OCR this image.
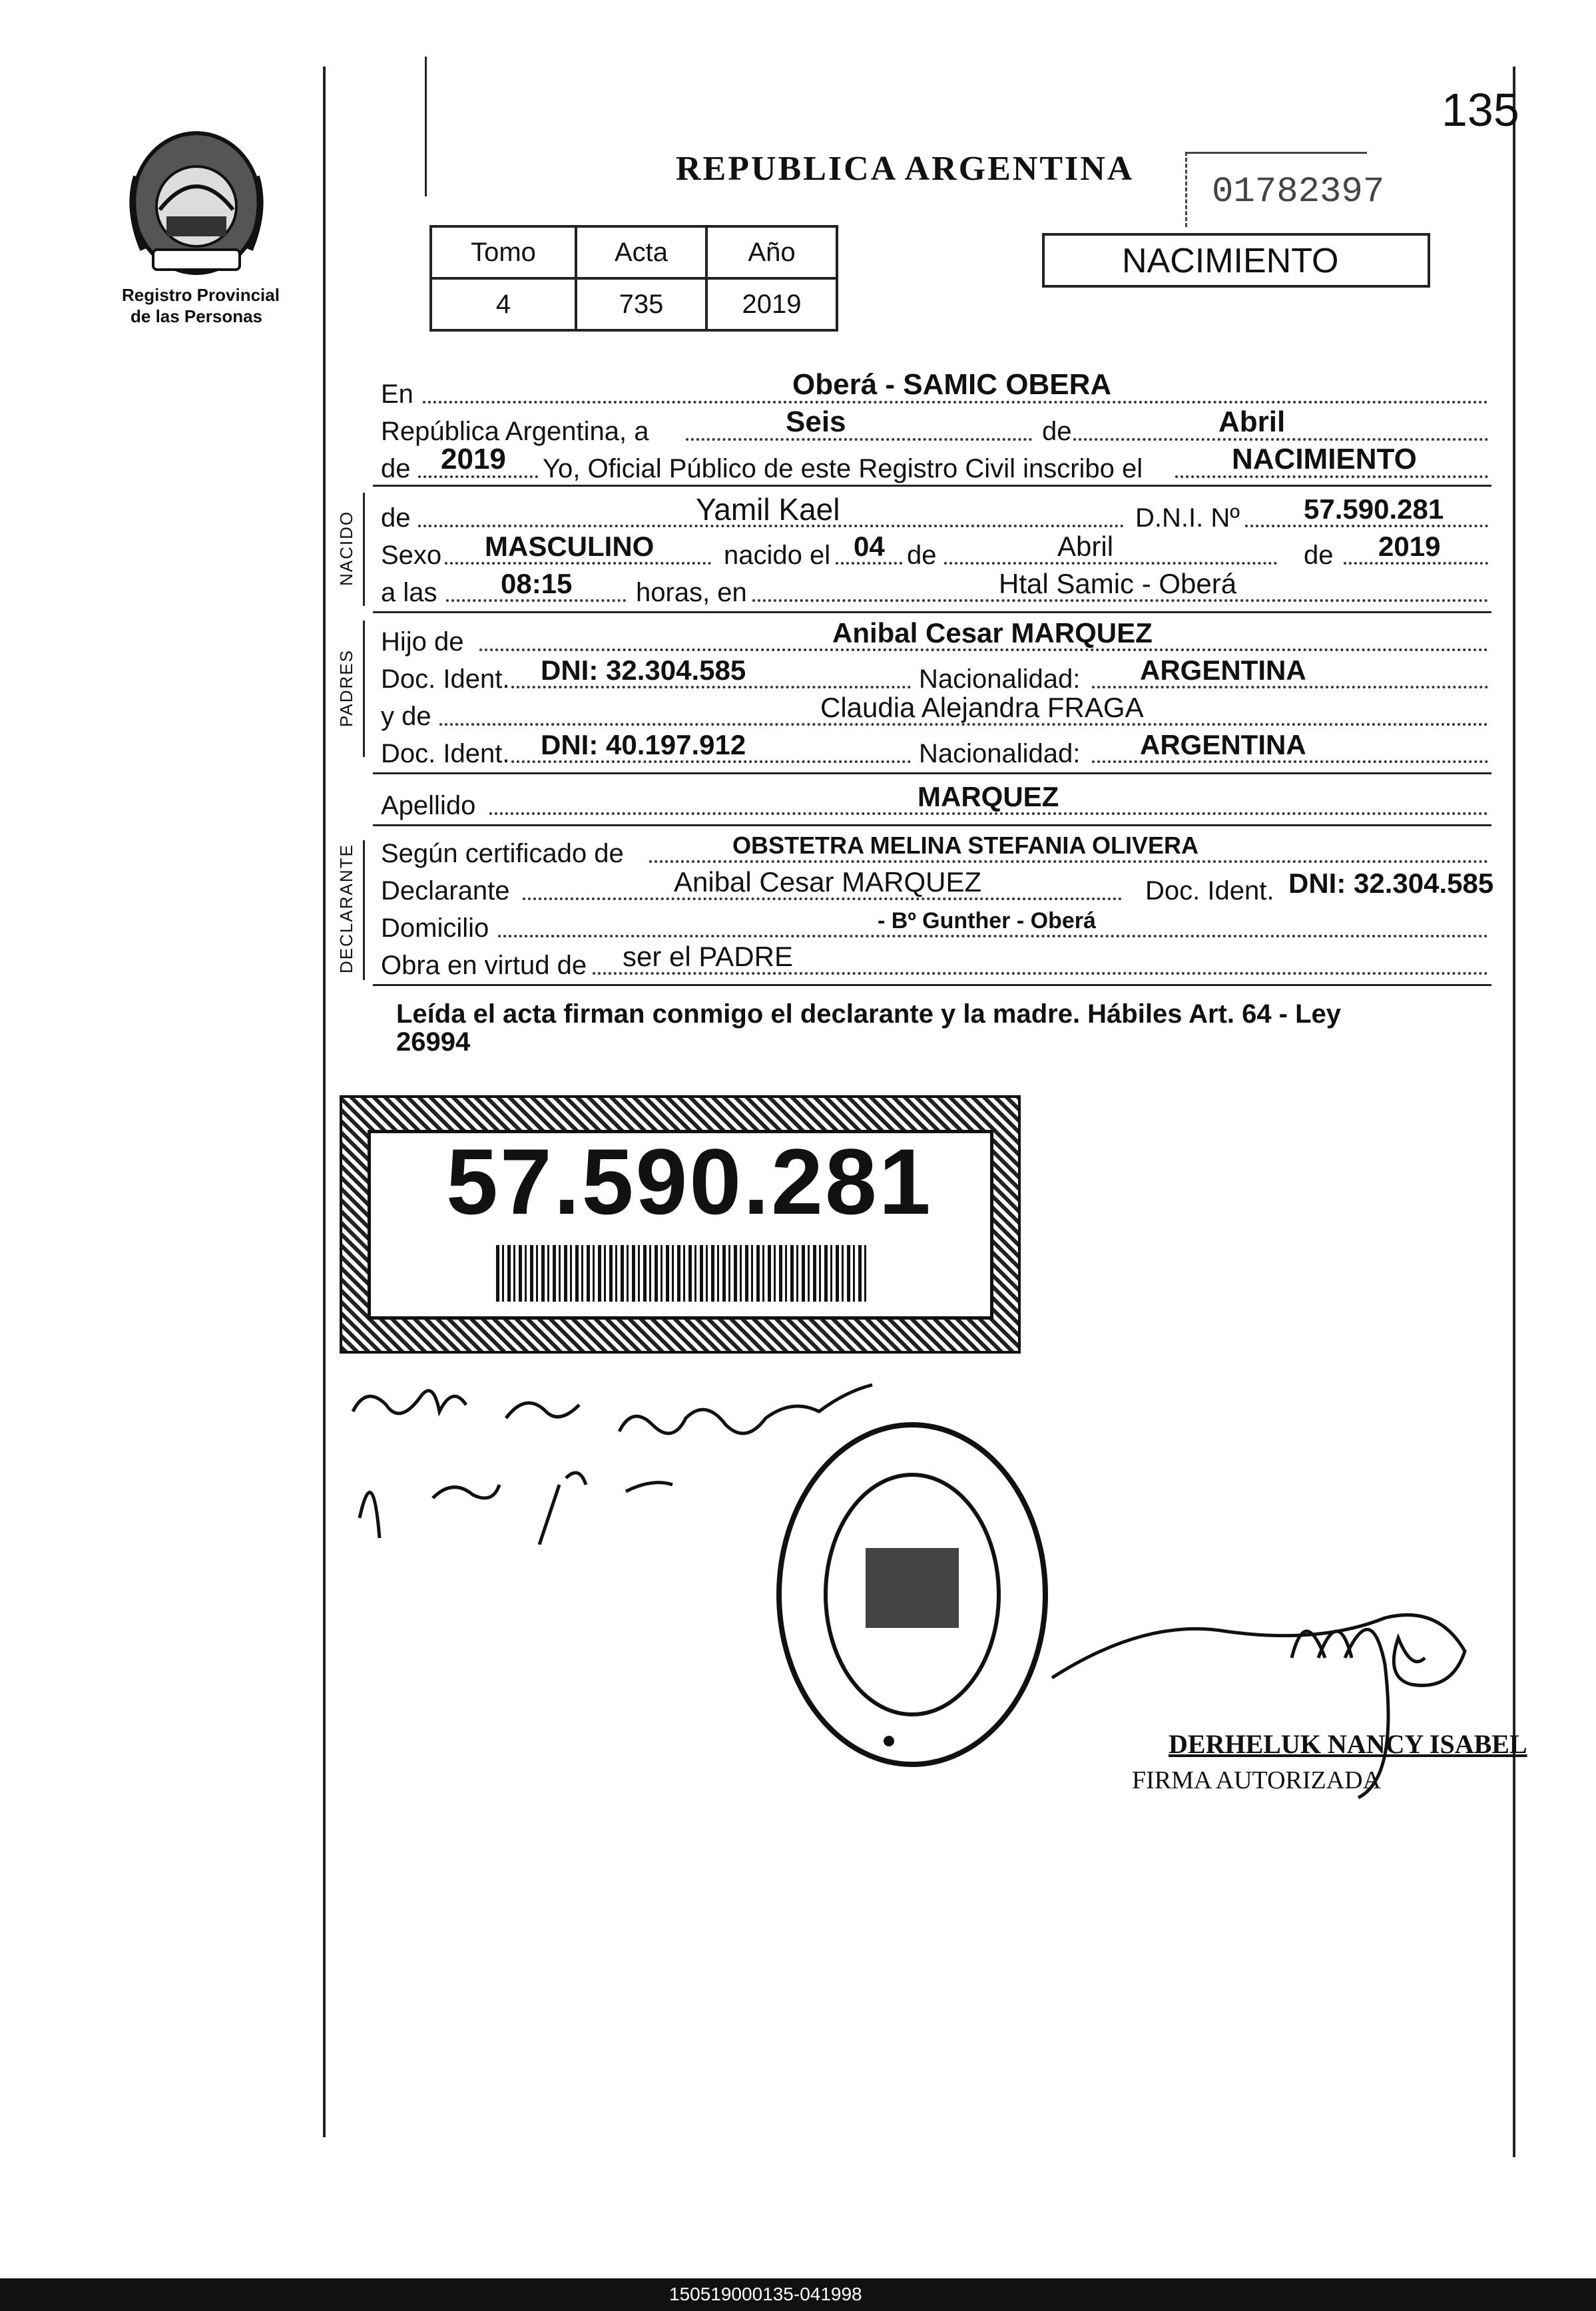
Registro Provincial
de las Personas
135
REPUBLICA ARGENTINA
01782397
Tomo	Acta	Año
4	735	2019
NACIMIENTO
En	Oberá - SAMIC OBERA
República Argentina, a	Seis	de	Abril
de 2019 Yo, Oficial Público de este Registro Civil inscribo el	NACIMIENTO
NACIDO de	Yamil Kael	D.N.I. Nº 57.590.281
Sexo MASCULINO	nacido el 04 de	Abril	de 2019
a las 08:15 horas, en	Htal Samic - Oberá
PADRES
Hijo de	Anibal Cesar MARQUEZ
Doc. Ident. DNI: 32.304.585	Nacionalidad: ARGENTINA
y de	Claudia Alejandra FRAGA
Doc. Ident. DNI: 40.197.912	Nacionalidad: ARGENTINA
Apellido	MARQUEZ
DECLARANTE Según certificado de	OBSTETRA MELINA STEFANIA OLIVERA
Declarante	Anibal Cesar MARQUEZ	Doc. Ident. DNI: 32.304.585
Domicilio	- Bº Gunther - Oberá
Obra en virtud de ser el PADRE
Leída el acta firman conmigo el declarante y la madre. Hábiles Art. 64 - Ley
26994
57.590.281
DERHELUK NANCY ISABEL
FIRMA AUTORIZADA
150519000135-041998
